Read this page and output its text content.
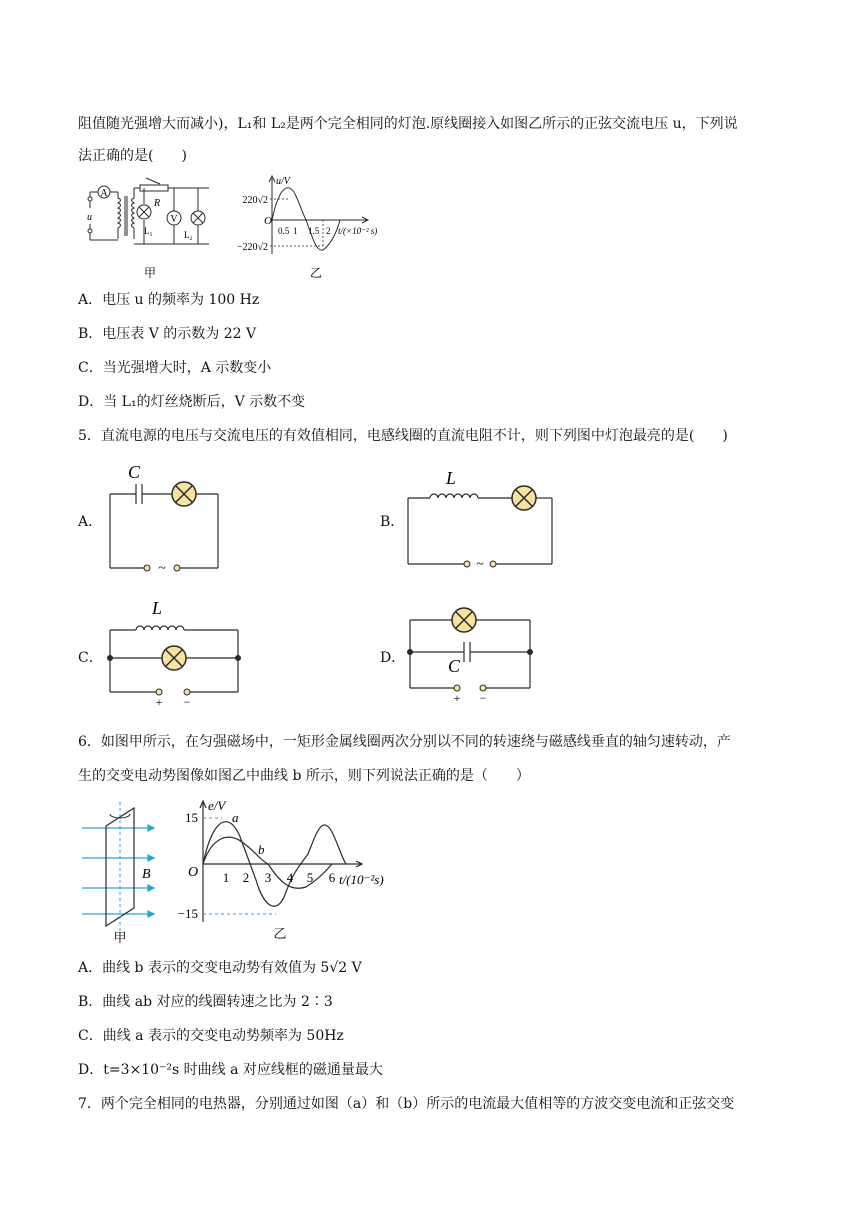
阻值随光强增大而减小)，L₁和 L₂是两个完全相同的灯泡.原线圈接入如图乙所示的正弦交流电压 u，下列说
法正确的是(　　)
A
V
R
L₁	L₂
u
甲
u/V
220√2
−220√2
O
0.5 1 1.5 2 t/(×10⁻² s)
乙
A．电压 u 的频率为 100 Hz
B．电压表 V 的示数为 22 V
C．当光强增大时，A 示数变小
D．当 L₁的灯丝烧断后，V 示数不变
5．直流电源的电压与交流电压的有效值相同，电感线圈的直流电阻不计，则下列图中灯泡最亮的是(　　)
A．
~
C
B．
~
L
C．
+ −
L
D．
+ −
C
6．如图甲所示，在匀强磁场中，一矩形金属线圈两次分别以不同的转速绕与磁感线垂直的轴匀速转动，产
生的交变电动势图像如图乙中曲线 b 所示，则下列说法正确的是（　　）
B
甲
e/V
15
−15
O 1 2 3 4 5 6 t/(10⁻²s)
a
b
乙
A．曲线 b 表示的交变电动势有效值为 5√2 V
B．曲线 ab 对应的线圈转速之比为 2∶3
C．曲线 a 表示的交变电动势频率为 50Hz
D．t=3×10⁻²s 时曲线 a 对应线框的磁通量最大
7．两个完全相同的电热器，分别通过如图（a）和（b）所示的电流最大值相等的方波交变电流和正弦交变
